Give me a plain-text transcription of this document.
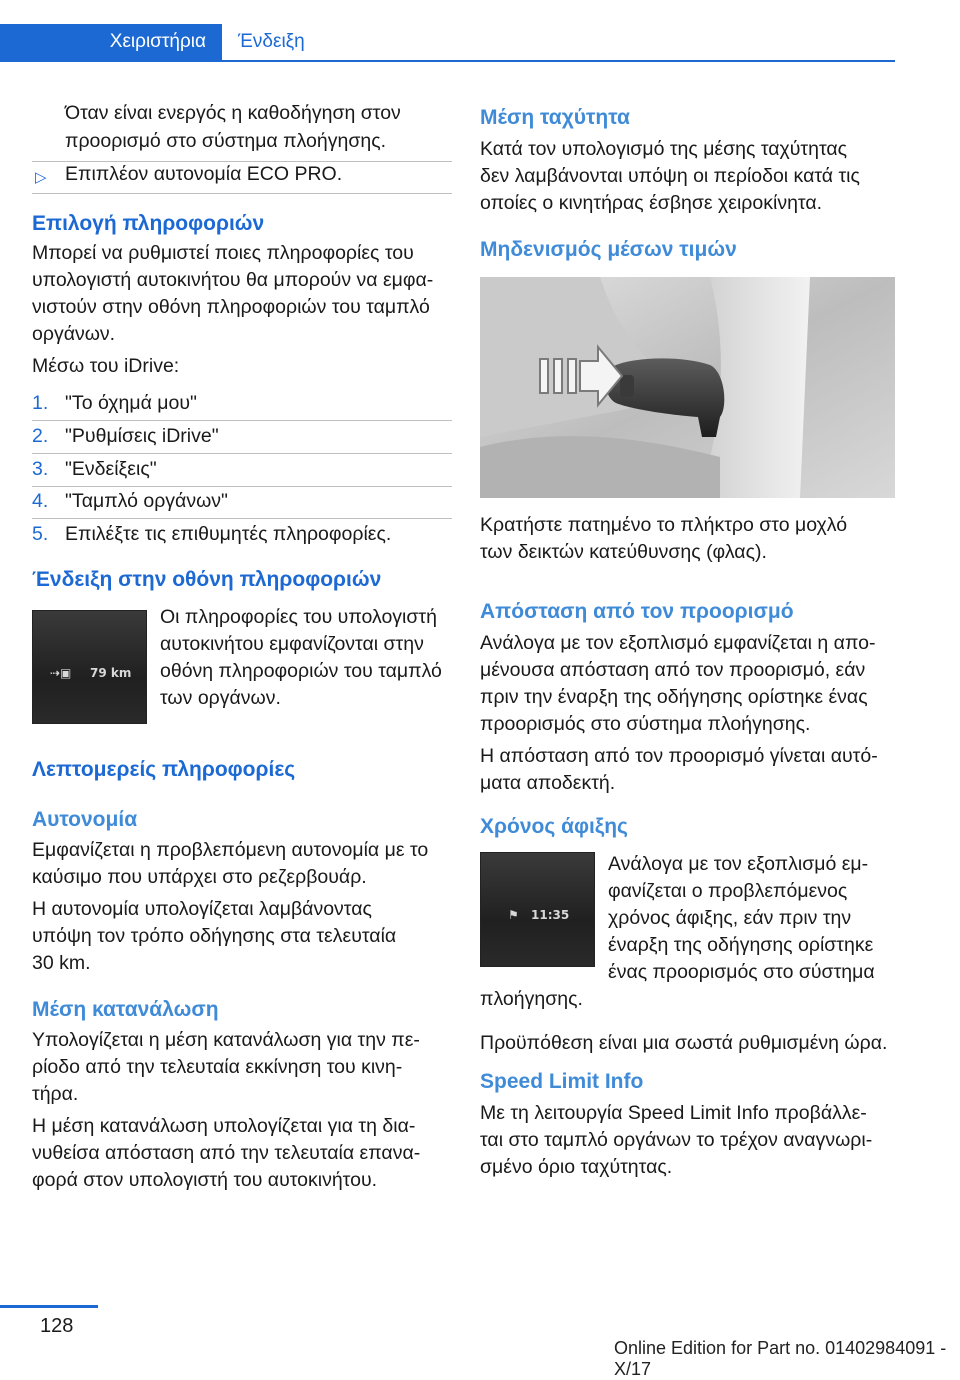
Χειριστήρια	Ένδειξη
Όταν είναι ενεργός η καθοδήγηση στον
προορισμό στο σύστημα πλοήγησης.
▷ Επιπλέον αυτονομία ECO PRO.
Επιλογή πληροφοριών
Μπορεί να ρυθμιστεί ποιες πληροφορίες του
υπολογιστή αυτοκινήτου θα μπορούν να εμφα‐
νιστούν στην οθόνη πληροφοριών του ταμπλό
οργάνων.
Μέσω του iDrive:
1. "Το όχημά μου"
2. "Ρυθμίσεις iDrive"
3. "Ενδείξεις"
4. "Ταμπλό οργάνων"
5. Επιλέξτε τις επιθυμητές πληροφορίες.
Ένδειξη στην οθόνη πληροφοριών
⇢▣ 79 km
Οι πληροφορίες του υπολογιστή
αυτοκινήτου εμφανίζονται στην
οθόνη πληροφοριών του ταμπλό
των οργάνων.
Λεπτομερείς πληροφορίες
Αυτονομία
Εμφανίζεται η προβλεπόμενη αυτονομία με το
καύσιμο που υπάρχει στο ρεζερβουάρ.
Η αυτονομία υπολογίζεται λαμβάνοντας
υπόψη τον τρόπο οδήγησης στα τελευταία
30 km.
Μέση κατανάλωση
Υπολογίζεται η μέση κατανάλωση για την πε‐
ρίοδο από την τελευταία εκκίνηση του κινη‐
τήρα.
Η μέση κατανάλωση υπολογίζεται για τη δια‐
νυθείσα απόσταση από την τελευταία επανα‐
φορά στον υπολογιστή του αυτοκινήτου.
Μέση ταχύτητα
Κατά τον υπολογισμό της μέσης ταχύτητας
δεν λαμβάνονται υπόψη οι περίοδοι κατά τις
οποίες ο κινητήρας έσβησε χειροκίνητα.
Μηδενισμός μέσων τιμών
Κρατήστε πατημένο το πλήκτρο στο μοχλό
των δεικτών κατεύθυνσης (φλας).
Απόσταση από τον προορισμό
Ανάλογα με τον εξοπλισμό εμφανίζεται η απο‐
μένουσα απόσταση από τον προορισμό, εάν
πριν την έναρξη της οδήγησης ορίστηκε ένας
προορισμός στο σύστημα πλοήγησης.
Η απόσταση από τον προορισμό γίνεται αυτό‐
ματα αποδεκτή.
Χρόνος άφιξης
⚑ 11:35
Ανάλογα με τον εξοπλισμό εμ‐
φανίζεται ο προβλεπόμενος
χρόνος άφιξης, εάν πριν την
έναρξη της οδήγησης ορίστηκε
ένας προορισμός στο σύστημα
πλοήγησης.
Προϋπόθεση είναι μια σωστά ρυθμισμένη ώρα.
Speed Limit Info
Με τη λειτουργία Speed Limit Info προβάλλε‐
ται στο ταμπλό οργάνων το τρέχον αναγνωρι‐
σμένο όριο ταχύτητας.
128
Online Edition for Part no. 01402984091 - X/17
